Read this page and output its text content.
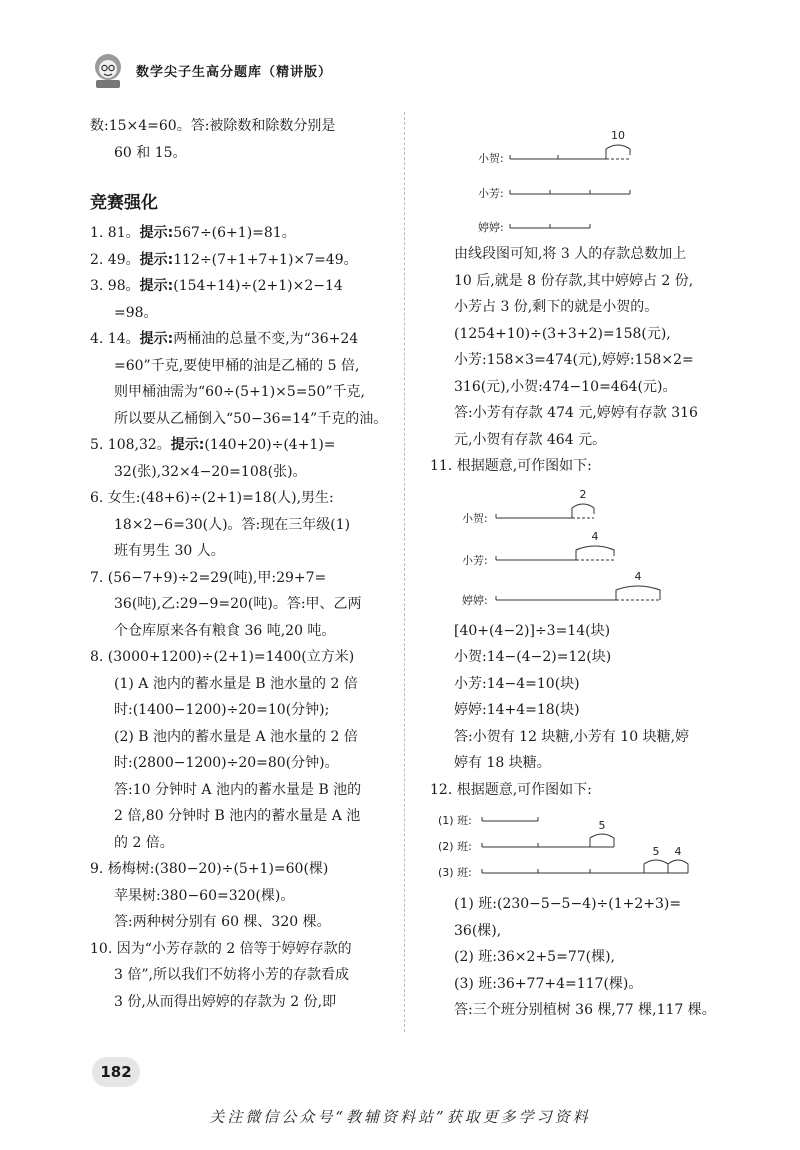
数学尖子生高分题库（精讲版）
数:15×4=60。答:被除数和除数分别是
60 和 15。
竞赛强化
1. 81。提示:567÷(6+1)=81。
2. 49。提示:112÷(7+1+7+1)×7=49。
3. 98。提示:(154+14)÷(2+1)×2−14
=98。
4. 14。提示:两桶油的总量不变,为“36+24
=60”千克,要使甲桶的油是乙桶的 5 倍,
则甲桶油需为“60÷(5+1)×5=50”千克,
所以要从乙桶倒入“50−36=14”千克的油。
5. 108,32。提示:(140+20)÷(4+1)=
32(张),32×4−20=108(张)。
6. 女生:(48+6)÷(2+1)=18(人),男生:
18×2−6=30(人)。答:现在三年级(1)
班有男生 30 人。
7. (56−7+9)÷2=29(吨),甲:29+7=
36(吨),乙:29−9=20(吨)。答:甲、乙两
个仓库原来各有粮食 36 吨,20 吨。
8. (3000+1200)÷(2+1)=1400(立方米)
(1) A 池内的蓄水量是 B 池水量的 2 倍
时:(1400−1200)÷20=10(分钟);
(2) B 池内的蓄水量是 A 池水量的 2 倍
时:(2800−1200)÷20=80(分钟)。
答:10 分钟时 A 池内的蓄水量是 B 池的
2 倍,80 分钟时 B 池内的蓄水量是 A 池
的 2 倍。
9. 杨梅树:(380−20)÷(5+1)=60(棵)
苹果树:380−60=320(棵)。
答:两种树分别有 60 棵、320 棵。
10. 因为“小芳存款的 2 倍等于婷婷存款的
3 倍”,所以我们不妨将小芳的存款看成
3 份,从而得出婷婷的存款为 2 份,即
10
小贺:
小芳:
婷婷:
由线段图可知,将 3 人的存款总数加上
10 后,就是 8 份存款,其中婷婷占 2 份,
小芳占 3 份,剩下的就是小贺的。
(1254+10)÷(3+3+2)=158(元),
小芳:158×3=474(元),婷婷:158×2=
316(元),小贺:474−10=464(元)。
答:小芳有存款 474 元,婷婷有存款 316
元,小贺有存款 464 元。
11. 根据题意,可作图如下:
2
小贺:
4
小芳:
4
婷婷:
[40+(4−2)]÷3=14(块)
小贺:14−(4−2)=12(块)
小芳:14−4=10(块)
婷婷:14+4=18(块)
答:小贺有 12 块糖,小芳有 10 块糖,婷
婷有 18 块糖。
12. 根据题意,可作图如下:
(1) 班:	5
(2) 班:	5 4
(3) 班:
(1) 班:(230−5−5−4)÷(1+2+3)=
36(棵),
(2) 班:36×2+5=77(棵),
(3) 班:36+77+4=117(棵)。
答:三个班分别植树 36 棵,77 棵,117 棵。
182
关注微信公众号“教辅资料站”获取更多学习资料
